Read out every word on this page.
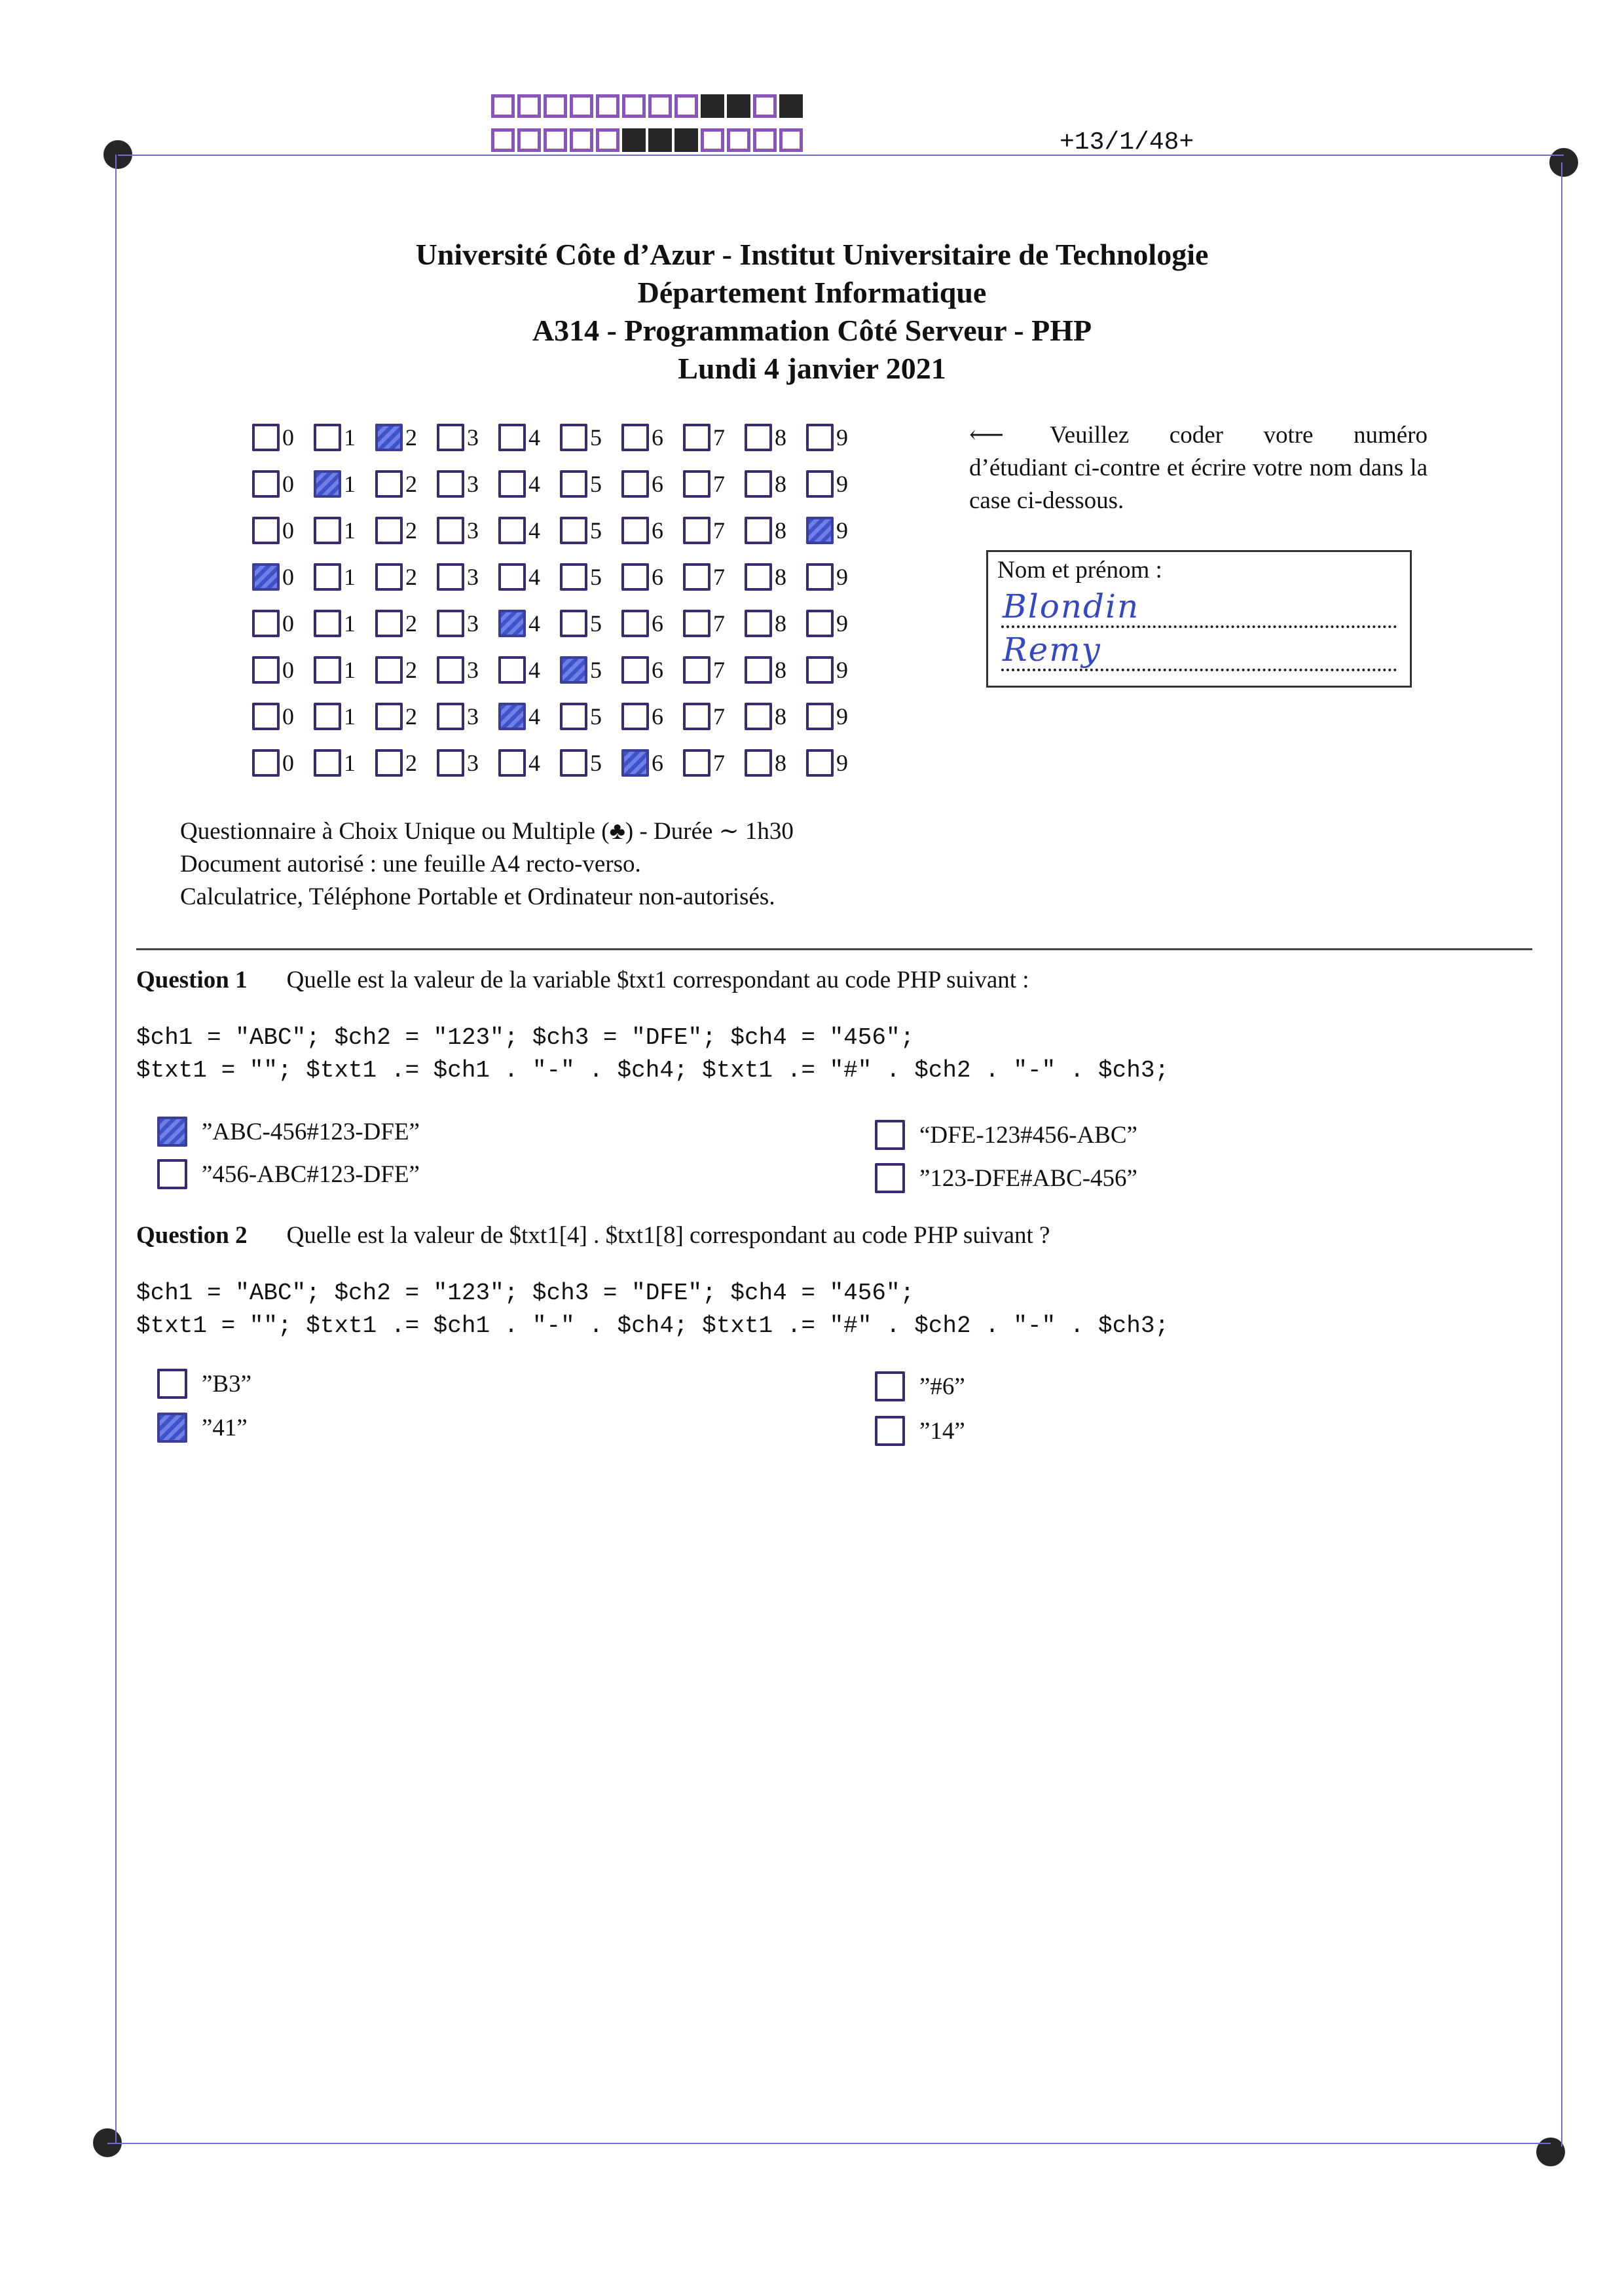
+13/1/48+
Université Côte d’Azur - Institut Universitaire de Technologie
Département Informatique
A314 - Programmation Côté Serveur - PHP
Lundi 4 janvier 2021
0 1 2 3 4 5 6 7 8 9
0 1 2 3 4 5 6 7 8 9
0 1 2 3 4 5 6 7 8 9
0 1 2 3 4 5 6 7 8 9
0 1 2 3 4 5 6 7 8 9
0 1 2 3 4 5 6 7 8 9
0 1 2 3 4 5 6 7 8 9
0 1 2 3 4 5 6 7 8 9
⟵ Veuillez coder votre numéro d’étudiant ci-contre et écrire votre nom dans la case ci-dessous.
Nom et prénom :
Blondin
Remy
Questionnaire à Choix Unique ou Multiple (♣) - Durée ∼ 1h30
Document autorisé : une feuille A4 recto-verso.
Calculatrice, Téléphone Portable et Ordinateur non-autorisés.
Question 1 Quelle est la valeur de la variable $txt1 correspondant au code PHP suivant :
$ch1 = "ABC"; $ch2 = "123"; $ch3 = "DFE"; $ch4 = "456";
$txt1 = ""; $txt1 .= $ch1 . "-" . $ch4; $txt1 .= "#" . $ch2 . "-" . $ch3;
”ABC-456#123-DFE”
”456-ABC#123-DFE”
“DFE-123#456-ABC”
”123-DFE#ABC-456”
Question 2 Quelle est la valeur de $txt1[4] . $txt1[8] correspondant au code PHP suivant ?
$ch1 = "ABC"; $ch2 = "123"; $ch3 = "DFE"; $ch4 = "456";
$txt1 = ""; $txt1 .= $ch1 . "-" . $ch4; $txt1 .= "#" . $ch2 . "-" . $ch3;
”B3”
”41”
”#6”
”14”
